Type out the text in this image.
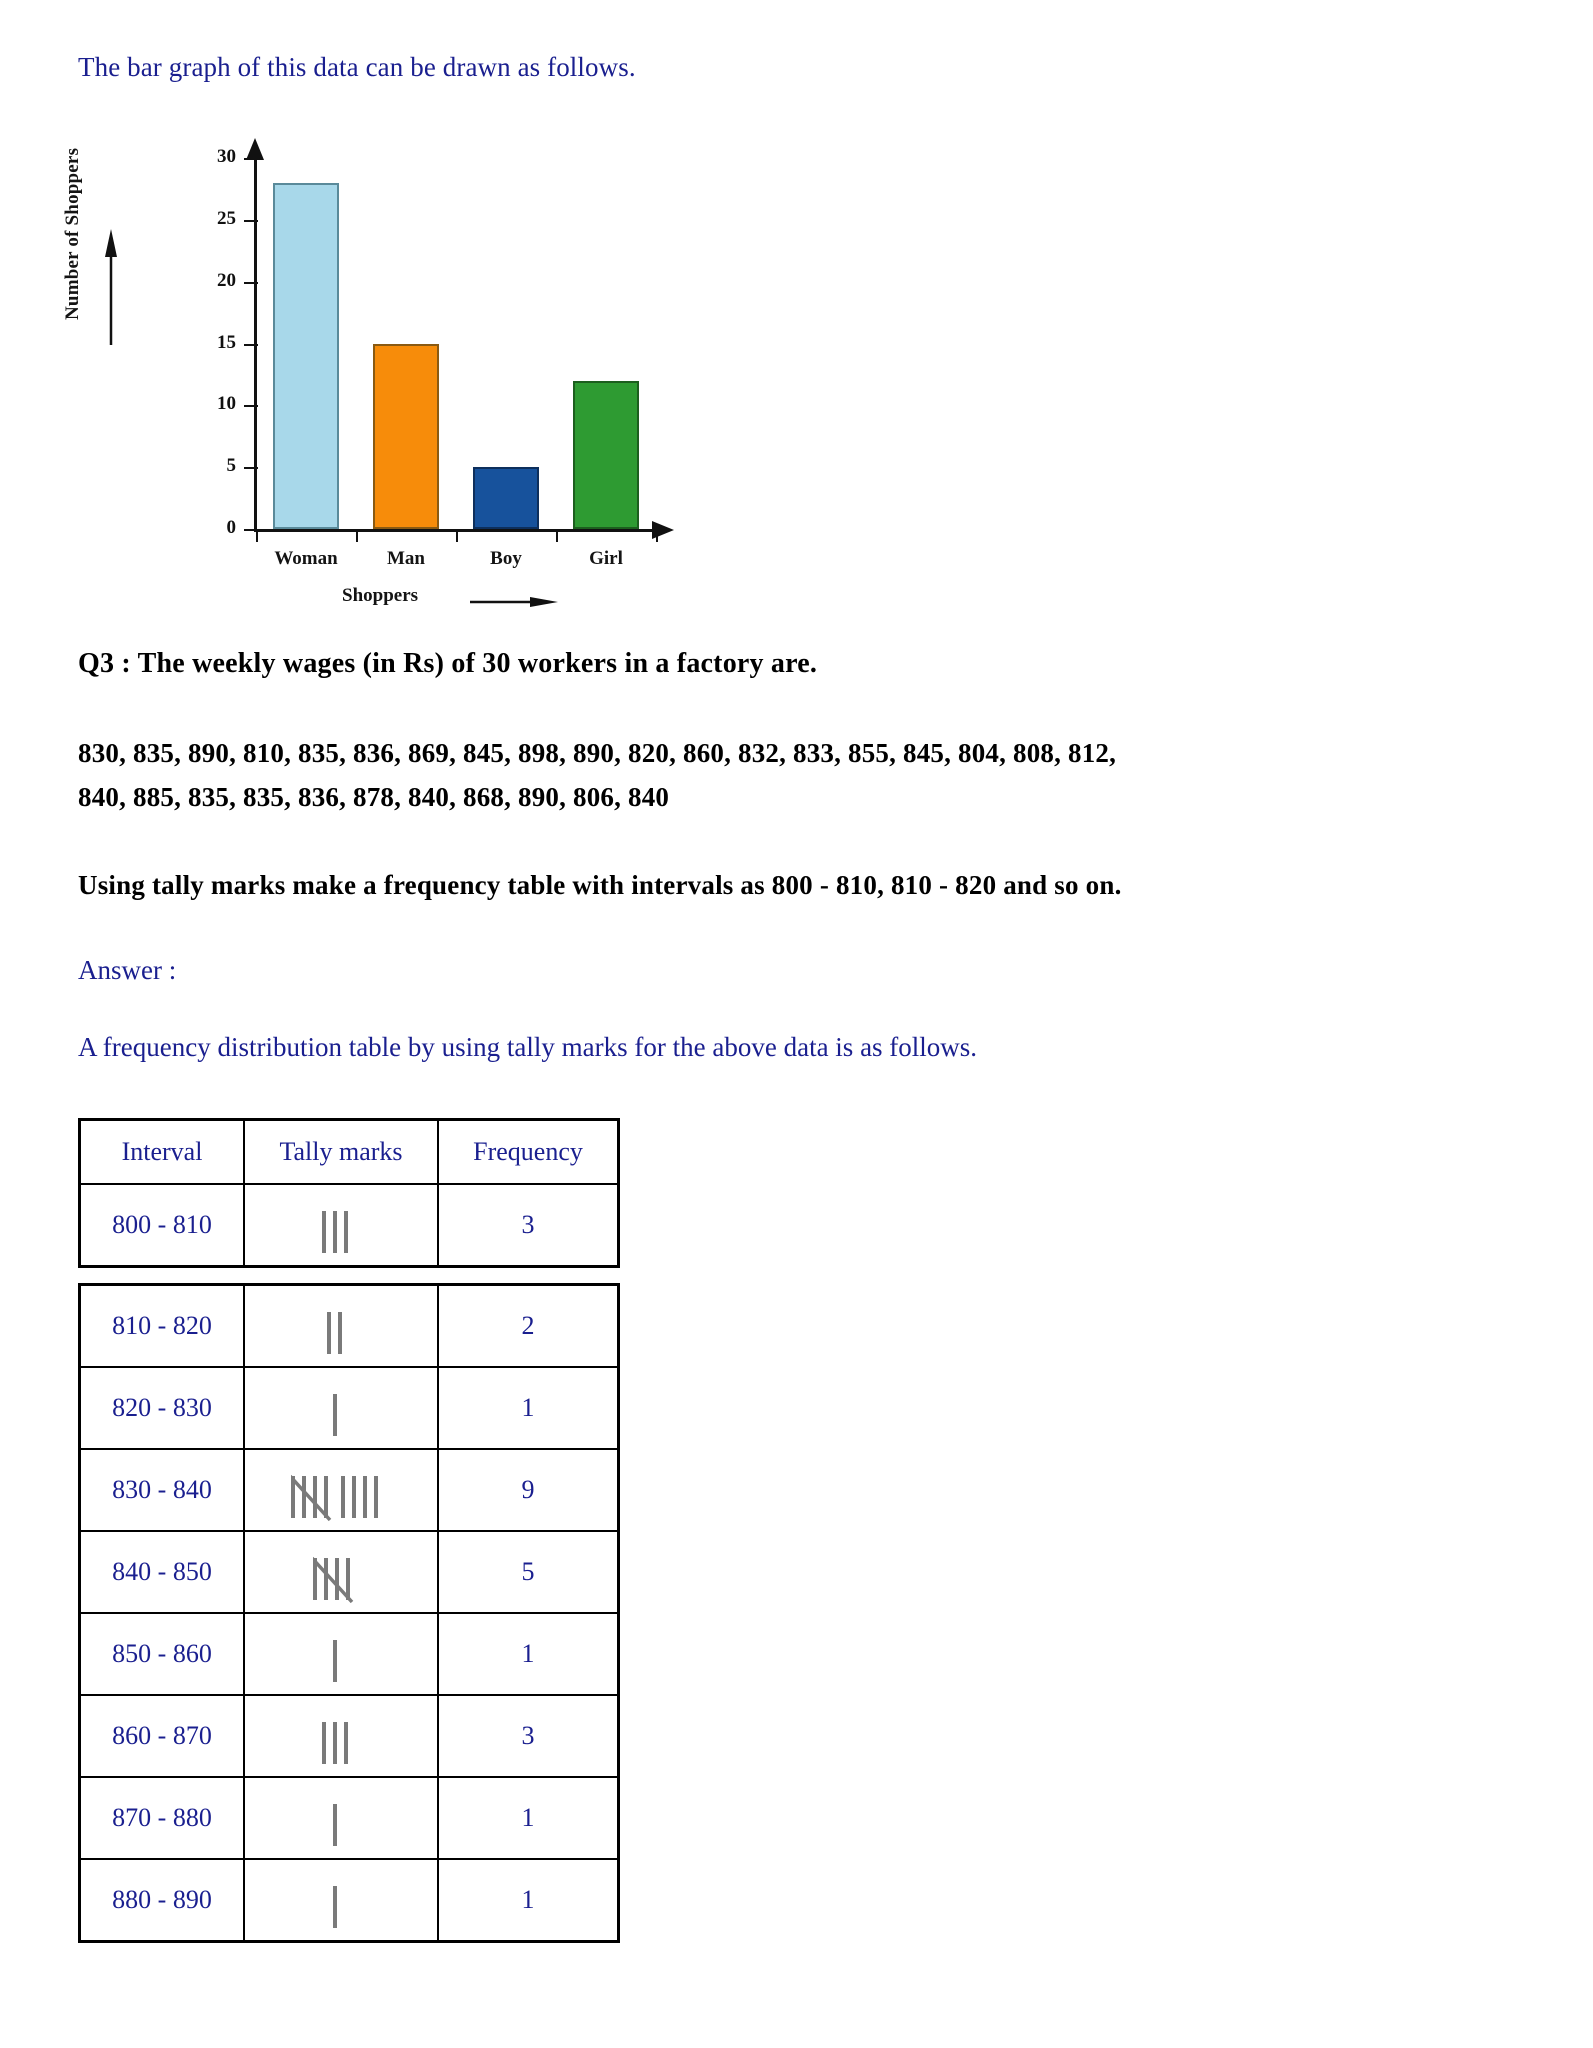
The bar graph of this data can be drawn as follows.
Number of Shoppers
0
5
10
15
20
25
30
Woman	Man	Boy	Girl
Shoppers
Q3 : The weekly wages (in Rs) of 30 workers in a factory are.
830, 835, 890, 810, 835, 836, 869, 845, 898, 890, 820, 860, 832, 833, 855, 845, 804, 808, 812,
840, 885, 835, 835, 836, 878, 840, 868, 890, 806, 840
Using tally marks make a frequency table with intervals as 800 - 810, 810 - 820 and so on.
Answer :
A frequency distribution table by using tally marks for the above data is as follows.
Interval	Tally marks	Frequency
800 - 810		3
810 - 820		2
820 - 830		1
830 - 840		9
840 - 850		5
850 - 860		1
860 - 870		3
870 - 880		1
880 - 890		1
